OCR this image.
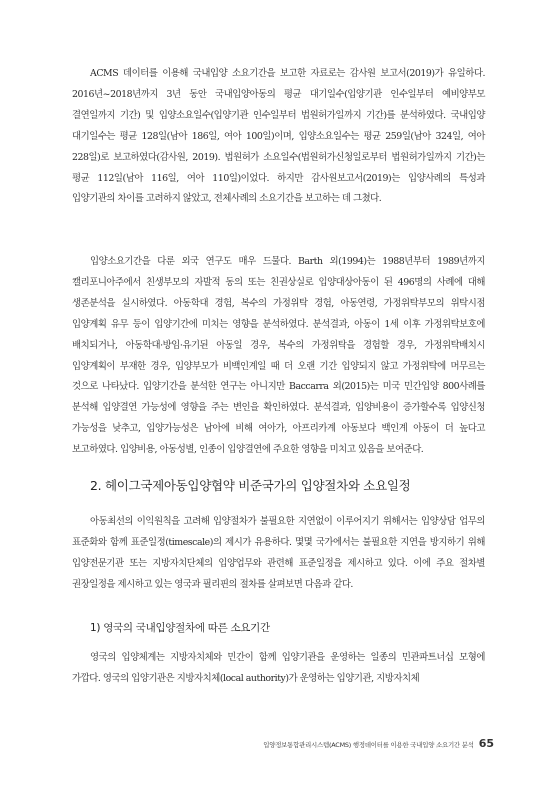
ACMS 데이터를 이용해 국내입양 소요기간을 보고한 자료로는 감사원 보고서(2019)가 유일하다. 2016년~2018년까지 3년 동안 국내입양아동의 평균 대기일수(입양기관 인수일부터 예비양부모 결연일까지 기간) 및 입양소요일수(입양기관 인수일부터 법원허가일까지 기간)를 분석하였다. 국내입양 대기일수는 평균 128일(남아 186일, 여아 100일)이며, 입양소요일수는 평균 259일(남아 324일, 여아 228일)로 보고하였다(감사원, 2019). 법원허가 소요일수(법원허가신청일로부터 법원허가일까지 기간)는 평균 112일(남아 116일, 여아 110일)이었다. 하지만 감사원보고서(2019)는 입양사례의 특성과 입양기관의 차이를 고려하지 않았고, 전체사례의 소요기간을 보고하는 데 그쳤다.

입양소요기간을 다룬 외국 연구도 매우 드물다. Barth 외(1994)는 1988년부터 1989년까지 캘리포니아주에서 친생부모의 자발적 동의 또는 친권상실로 입양대상아동이 된 496명의 사례에 대해 생존분석을 실시하였다. 아동학대 경험, 복수의 가정위탁 경험, 아동연령, 가정위탁부모의 위탁시점 입양계획 유무 등이 입양기간에 미치는 영향을 분석하였다. 분석결과, 아동이 1세 이후 가정위탁보호에 배치되거나, 아동학대·방임·유기된 아동일 경우, 복수의 가정위탁을 경험할 경우, 가정위탁배치시 입양계획이 부재한 경우, 입양부모가 비백인계일 때 더 오랜 기간 입양되지 않고 가정위탁에 머무르는 것으로 나타났다. 입양기간을 분석한 연구는 아니지만 Baccarra 외(2015)는 미국 민간입양 800사례를 분석해 입양결연 가능성에 영향을 주는 변인을 확인하였다. 분석결과, 입양비용이 증가할수록 입양신청 가능성을 낮추고, 입양가능성은 남아에 비해 여아가, 아프리카계 아동보다 백인계 아동이 더 높다고 보고하였다. 입양비용, 아동성별, 인종이 입양결연에 주요한 영향을 미치고 있음을 보여준다.

2. 헤이그국제아동입양협약 비준국가의 입양절차와 소요일정

아동최선의 이익원칙을 고려해 입양절차가 불필요한 지연없이 이루어지기 위해서는 입양상담 업무의 표준화와 함께 표준일정(timescale)의 제시가 유용하다. 몇몇 국가에서는 불필요한 지연을 방지하기 위해 입양전문기관 또는 지방자치단체의 입양업무와 관련해 표준일정을 제시하고 있다. 이에 주요 절차별 권장일정을 제시하고 있는 영국과 필리핀의 절차를 살펴보면 다음과 같다.

1) 영국의 국내입양절차에 따른 소요기간

영국의 입양체계는 지방자치체와 민간이 함께 입양기관을 운영하는 일종의 민관파트너십 모형에 가깝다. 영국의 입양기관은 지방자치체(local authority)가 운영하는 입양기관, 지방자치체

입양정보통합관리시스템(ACMS) 행정데이터를 이용한 국내입양 소요기간 분석 65
